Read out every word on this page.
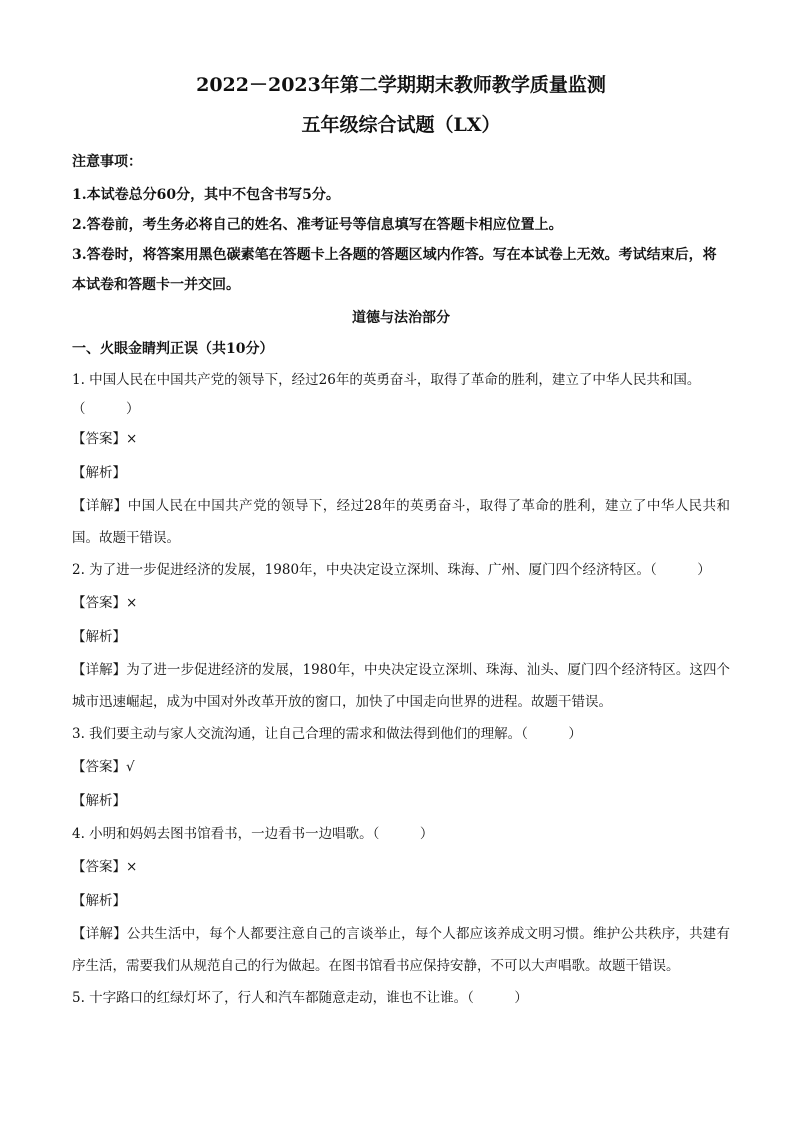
2022－2023年第二学期期末教师教学质量监测

五年级综合试题（LX）

注意事项：

1.本试卷总分60分，其中不包含书写5分。

2.答卷前，考生务必将自己的姓名、准考证号等信息填写在答题卡相应位置上。

3.答卷时，将答案用黑色碳素笔在答题卡上各题的答题区域内作答。写在本试卷上无效。考试结束后，将本试卷和答题卡一并交回。

道德与法治部分

一、火眼金睛判正误（共10分）

1. 中国人民在中国共产党的领导下，经过26年的英勇奋斗，取得了革命的胜利，建立了中华人民共和国。

（　　　）

【答案】×

【解析】

【详解】中国人民在中国共产党的领导下，经过28年的英勇奋斗，取得了革命的胜利，建立了中华人民共和国。故题干错误。

2. 为了进一步促进经济的发展，1980年，中央决定设立深圳、珠海、广州、厦门四个经济特区。（　　　）

【答案】×

【解析】

【详解】为了进一步促进经济的发展，1980年，中央决定设立深圳、珠海、汕头、厦门四个经济特区。这四个城市迅速崛起，成为中国对外改革开放的窗口，加快了中国走向世界的进程。故题干错误。

3. 我们要主动与家人交流沟通，让自己合理的需求和做法得到他们的理解。（　　　）

【答案】√

【解析】

4. 小明和妈妈去图书馆看书，一边看书一边唱歌。（　　　）

【答案】×

【解析】

【详解】公共生活中，每个人都要注意自己的言谈举止，每个人都应该养成文明习惯。维护公共秩序，共建有序生活，需要我们从规范自己的行为做起。在图书馆看书应保持安静，不可以大声唱歌。故题干错误。

5. 十字路口的红绿灯坏了，行人和汽车都随意走动，谁也不让谁。（　　　）
